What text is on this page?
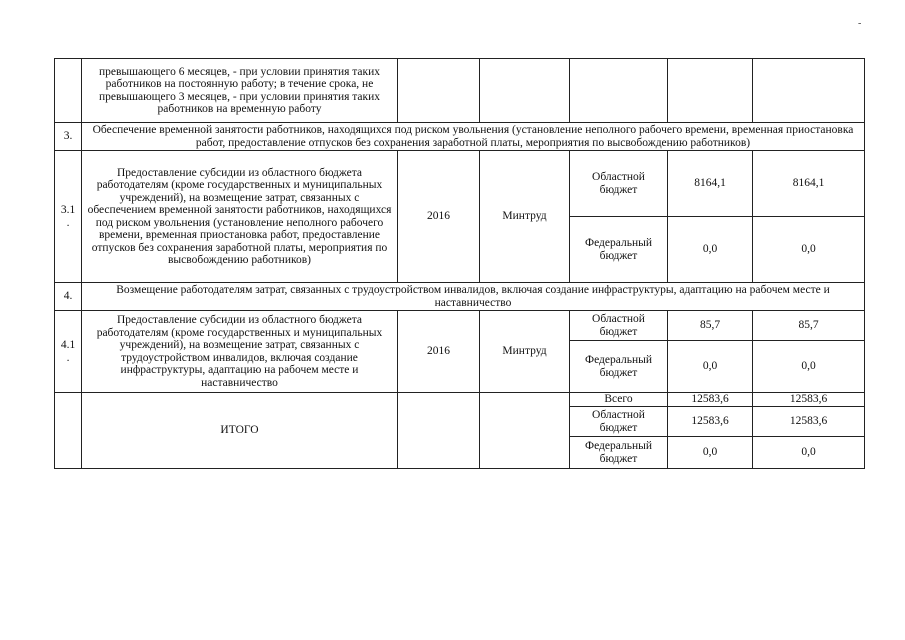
-
	превышающего 6 месяцев, - при условии принятия таких работников на постоянную работу; в течение срока, не превышающего 3 месяцев, - при условии принятия таких работников на временную работу					
3.	Обеспечение временной занятости работников, находящихся под риском увольнения (установление неполного рабочего времени, временная приостановка работ, предоставление отпусков без сохранения заработной платы, мероприятия по высвобождению работников)					
3.1 .	Предоставление субсидии из областного бюджета работодателям (кроме государственных и муниципальных учреждений), на возмещение затрат, связанных с обеспечением временной занятости работников, находящихся под риском увольнения (установление неполного рабочего времени, временная приостановка работ, предоставление отпусков без сохранения заработной платы, мероприятия по высвобождению работников)	2016	Минтруд	Областной бюджет	8164,1	8164,1
				Федеральный бюджет	0,0	0,0
4.	Возмещение работодателям затрат, связанных с трудоустройством инвалидов, включая создание инфраструктуры, адаптацию на рабочем месте и наставничество					
4.1 .	Предоставление субсидии из областного бюджета работодателям (кроме государственных и муниципальных учреждений), на возмещение затрат, связанных с трудоустройством инвалидов, включая создание инфраструктуры, адаптацию на рабочем месте и наставничество	2016	Минтруд	Областной бюджет	85,7	85,7
				Федеральный бюджет	0,0	0,0
	ИТОГО			Всего	12583,6	12583,6
				Областной бюджет	12583,6	12583,6
				Федеральный бюджет	0,0	0,0
